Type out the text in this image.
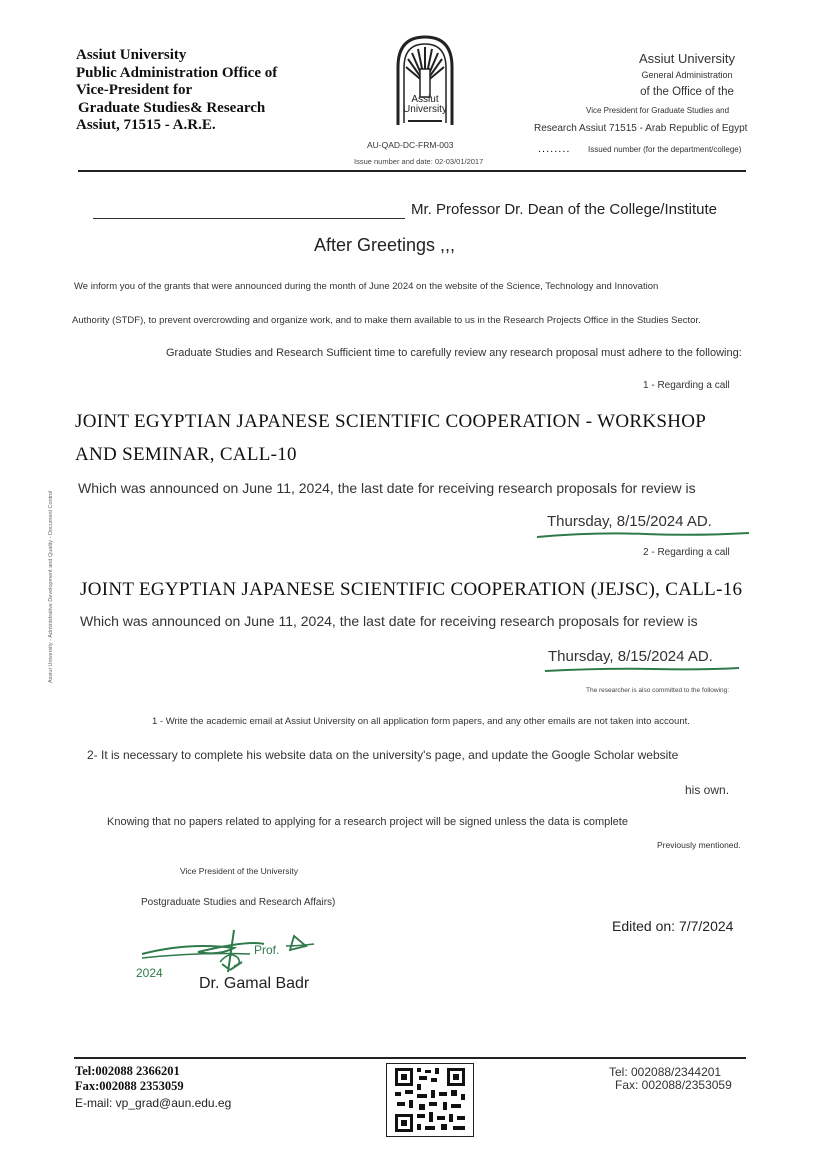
Assiut University
Public Administration Office of
Vice-President for
Graduate Studies& Research
Assiut, 71515 - A.R.E.
Assiut
University
AU-QAD-DC-FRM-003
Issue number and date: 02-03/01/2017
Assiut University
General Administration
of the Office of the
Vice President for Graduate Studies and
Research Assiut 71515 - Arab Republic of Egypt
........ Issued number (for the department/college)
Assiut University - Administrative Development and Quality - Document Control
Mr. Professor Dr. Dean of the College/Institute
After Greetings ,,,
We inform you of the grants that were announced during the month of June 2024 on the website of the Science, Technology and Innovation
Authority (STDF), to prevent overcrowding and organize work, and to make them available to us in the Research Projects Office in the Studies Sector.
Graduate Studies and Research Sufficient time to carefully review any research proposal must adhere to the following:
1 - Regarding a call
JOINT EGYPTIAN JAPANESE SCIENTIFIC COOPERATION - WORKSHOP
AND SEMINAR, CALL-10
Which was announced on June 11, 2024, the last date for receiving research proposals for review is
Thursday, 8/15/2024 AD.
2 - Regarding a call
JOINT EGYPTIAN JAPANESE SCIENTIFIC COOPERATION (JEJSC), CALL-16
Which was announced on June 11, 2024, the last date for receiving research proposals for review is
Thursday, 8/15/2024 AD.
The researcher is also committed to the following:
1 - Write the academic email at Assiut University on all application form papers, and any other emails are not taken into account.
2- It is necessary to complete his website data on the university's page, and update the Google Scholar website
his own.
Knowing that no papers related to applying for a research project will be signed unless the data is complete
Previously mentioned.
Vice President of the University
Postgraduate Studies and Research Affairs)
Edited on: 7/7/2024
Prof.
2024
Dr. Gamal Badr
Tel:002088 2366201
Fax:002088 2353059
E-mail: vp_grad@aun.edu.eg
Tel: 002088/2344201
Fax: 002088/2353059
